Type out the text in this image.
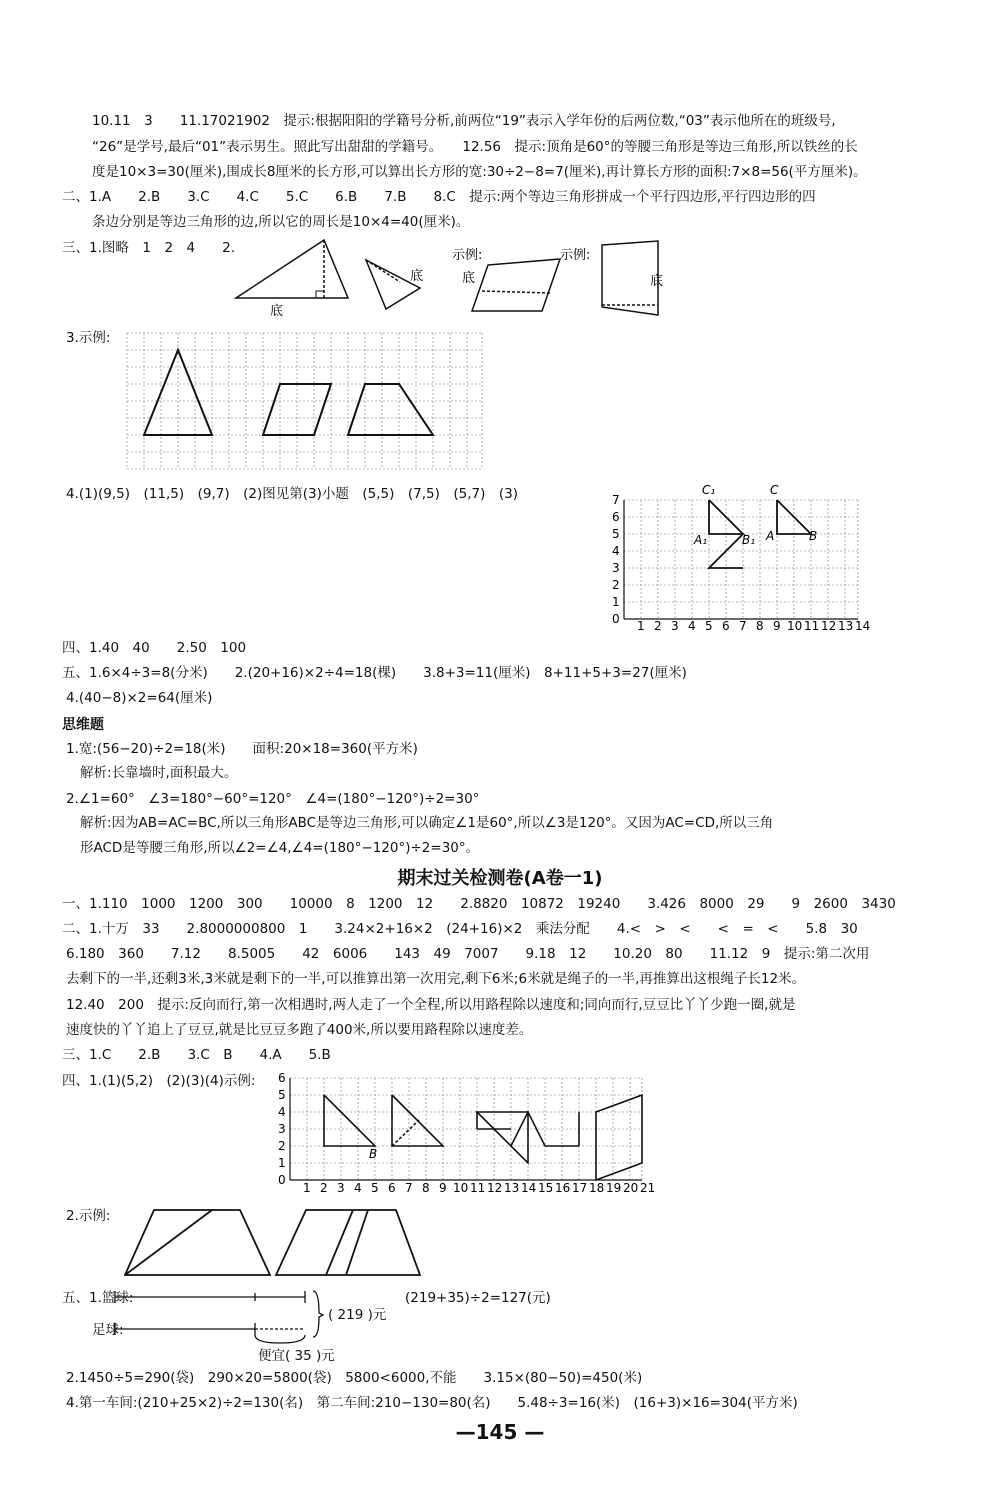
10.11　3　　11.17021902　提示:根据阳阳的学籍号分析,前两位“19”表示入学年份的后两位数,“03”表示他所在的班级号,
“26”是学号,最后“01”表示男生。照此写出甜甜的学籍号。　　12.56　提示:顶角是60°的等腰三角形是等边三角形,所以铁丝的长
度是10×3=30(厘米),围成长8厘米的长方形,可以算出长方形的宽:30÷2−8=7(厘米),再计算长方形的面积:7×8=56(平方厘米)。
二、1.A　　2.B　　3.C　　4.C　　5.C　　6.B　　7.B　　8.C　提示:两个等边三角形拼成一个平行四边形,平行四边形的四
条边分别是等边三角形的边,所以它的周长是10×4=40(厘米)。
三、1.图略　1　2　4　　2.
底
底	底	底
示例:	示例:
3.示例:
4.(1)(9,5)　(11,5)　(9,7)　(2)图见第(3)小题　(5,5)　(7,5)　(5,7)　(3)
0
1
2
3
4
5
6
7
1 2 3 4 5 6 7 8 9 10 11 12 13 14
C₁
A₁	B₁
C
A	B
四、1.40　40　　2.50　100
五、1.6×4÷3=8(分米)　　2.(20+16)×2÷4=18(棵)　　3.8+3=11(厘米)　8+11+5+3=27(厘米)
4.(40−8)×2=64(厘米)
思维题
1.宽:(56−20)÷2=18(米)　　面积:20×18=360(平方米)
解析:长靠墙时,面积最大。
2.∠1=60°　∠3=180°−60°=120°　∠4=(180°−120°)÷2=30°
解析:因为AB=AC=BC,所以三角形ABC是等边三角形,可以确定∠1是60°,所以∠3是120°。又因为AC=CD,所以三角
形ACD是等腰三角形,所以∠2=∠4,∠4=(180°−120°)÷2=30°。
期末过关检测卷(A卷一1)
一、1.110　1000　1200　300　　10000　8　1200　12　　2.8820　10872　19240　　3.426　8000　29　　9　2600　3430
二、1.十万　33　　2.8000000800　1　　3.24×2+16×2　(24+16)×2　乘法分配　　4.<　>　<　　<　=　<　　5.8　30
6.180　360　　7.12　　8.5005　　42　6006　　143　49　7007　　9.18　12　　10.20　80　　11.12　9　提示:第二次用
去剩下的一半,还剩3米,3米就是剩下的一半,可以推算出第一次用完,剩下6米;6米就是绳子的一半,再推算出这根绳子长12米。
12.40　200　提示:反向而行,第一次相遇时,两人走了一个全程,所以用路程除以速度和;同向而行,豆豆比丫丫少跑一圈,就是
速度快的丫丫追上了豆豆,就是比豆豆多跑了400米,所以要用路程除以速度差。
三、1.C　　2.B　　3.C　B　　4.A　　5.B
四、1.(1)(5,2)　(2)(3)(4)示例:
0
1
2
3
4
5
6
1 2 3 4 5 6 7 8 9 10 11 12 13 14 15 16 17 18 19 20 21
B
2.示例:
五、1.篮球:
足球:
(219+35)÷2=127(元)
( 219 )元
便宜( 35 )元
2.1450÷5=290(袋)　290×20=5800(袋)　5800<6000,不能　　3.15×(80−50)=450(米)
4.第一车间:(210+25×2)÷2=130(名)　第二车间:210−130=80(名)　　5.48÷3=16(米)　(16+3)×16=304(平方米)
—145 —
